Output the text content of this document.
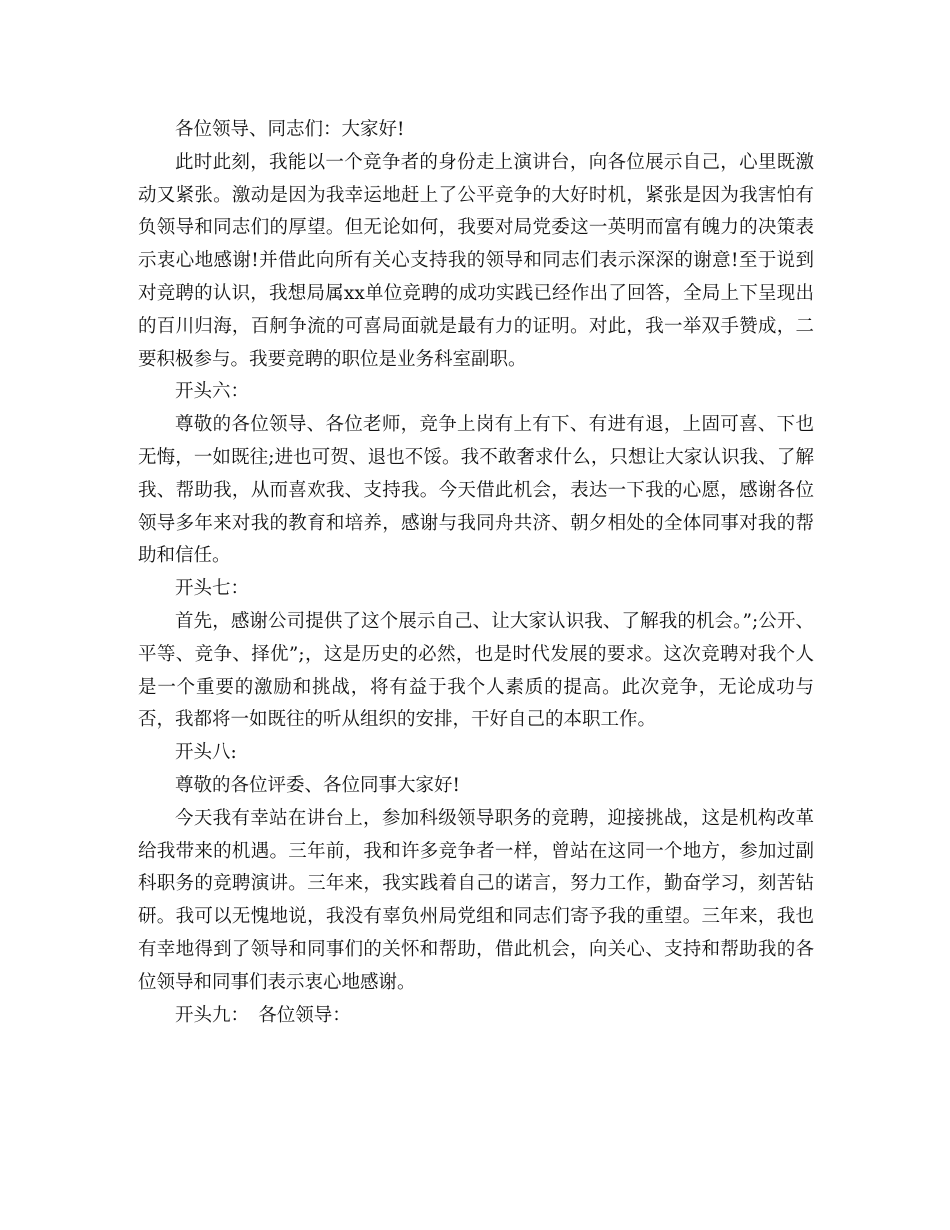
各位领导、同志们：大家好!

此时此刻，我能以一个竞争者的身份走上演讲台，向各位展示自己，心里既激动又紧张。激动是因为我幸运地赶上了公平竞争的大好时机，紧张是因为我害怕有负领导和同志们的厚望。但无论如何，我要对局党委这一英明而富有魄力的决策表示衷心地感谢!并借此向所有关心支持我的领导和同志们表示深深的谢意!至于说到对竞聘的认识，我想局属xx单位竞聘的成功实践已经作出了回答，全局上下呈现出的百川归海，百舸争流的可喜局面就是最有力的证明。对此，我一举双手赞成，二要积极参与。我要竞聘的职位是业务科室副职。

开头六：

尊敬的各位领导、各位老师，竞争上岗有上有下、有进有退，上固可喜、下也无悔，一如既往;进也可贺、退也不馁。我不敢奢求什么，只想让大家认识我、了解我、帮助我，从而喜欢我、支持我。今天借此机会，表达一下我的心愿，感谢各位领导多年来对我的教育和培养，感谢与我同舟共济、朝夕相处的全体同事对我的帮助和信任。

开头七：

首先，感谢公司提供了这个展示自己、让大家认识我、了解我的机会。”;公开、平等、竞争、择优”;，这是历史的必然，也是时代发展的要求。这次竞聘对我个人是一个重要的激励和挑战，将有益于我个人素质的提高。此次竞争，无论成功与否，我都将一如既往的听从组织的安排，干好自己的本职工作。

开头八:

尊敬的各位评委、各位同事大家好!

今天我有幸站在讲台上，参加科级领导职务的竞聘，迎接挑战，这是机构改革给我带来的机遇。三年前，我和许多竞争者一样，曾站在这同一个地方，参加过副科职务的竞聘演讲。三年来，我实践着自己的诺言，努力工作，勤奋学习，刻苦钻研。我可以无愧地说，我没有辜负州局党组和同志们寄予我的重望。三年来，我也有幸地得到了领导和同事们的关怀和帮助，借此机会，向关心、支持和帮助我的各位领导和同事们表示衷心地感谢。

开头九：　各位领导：
